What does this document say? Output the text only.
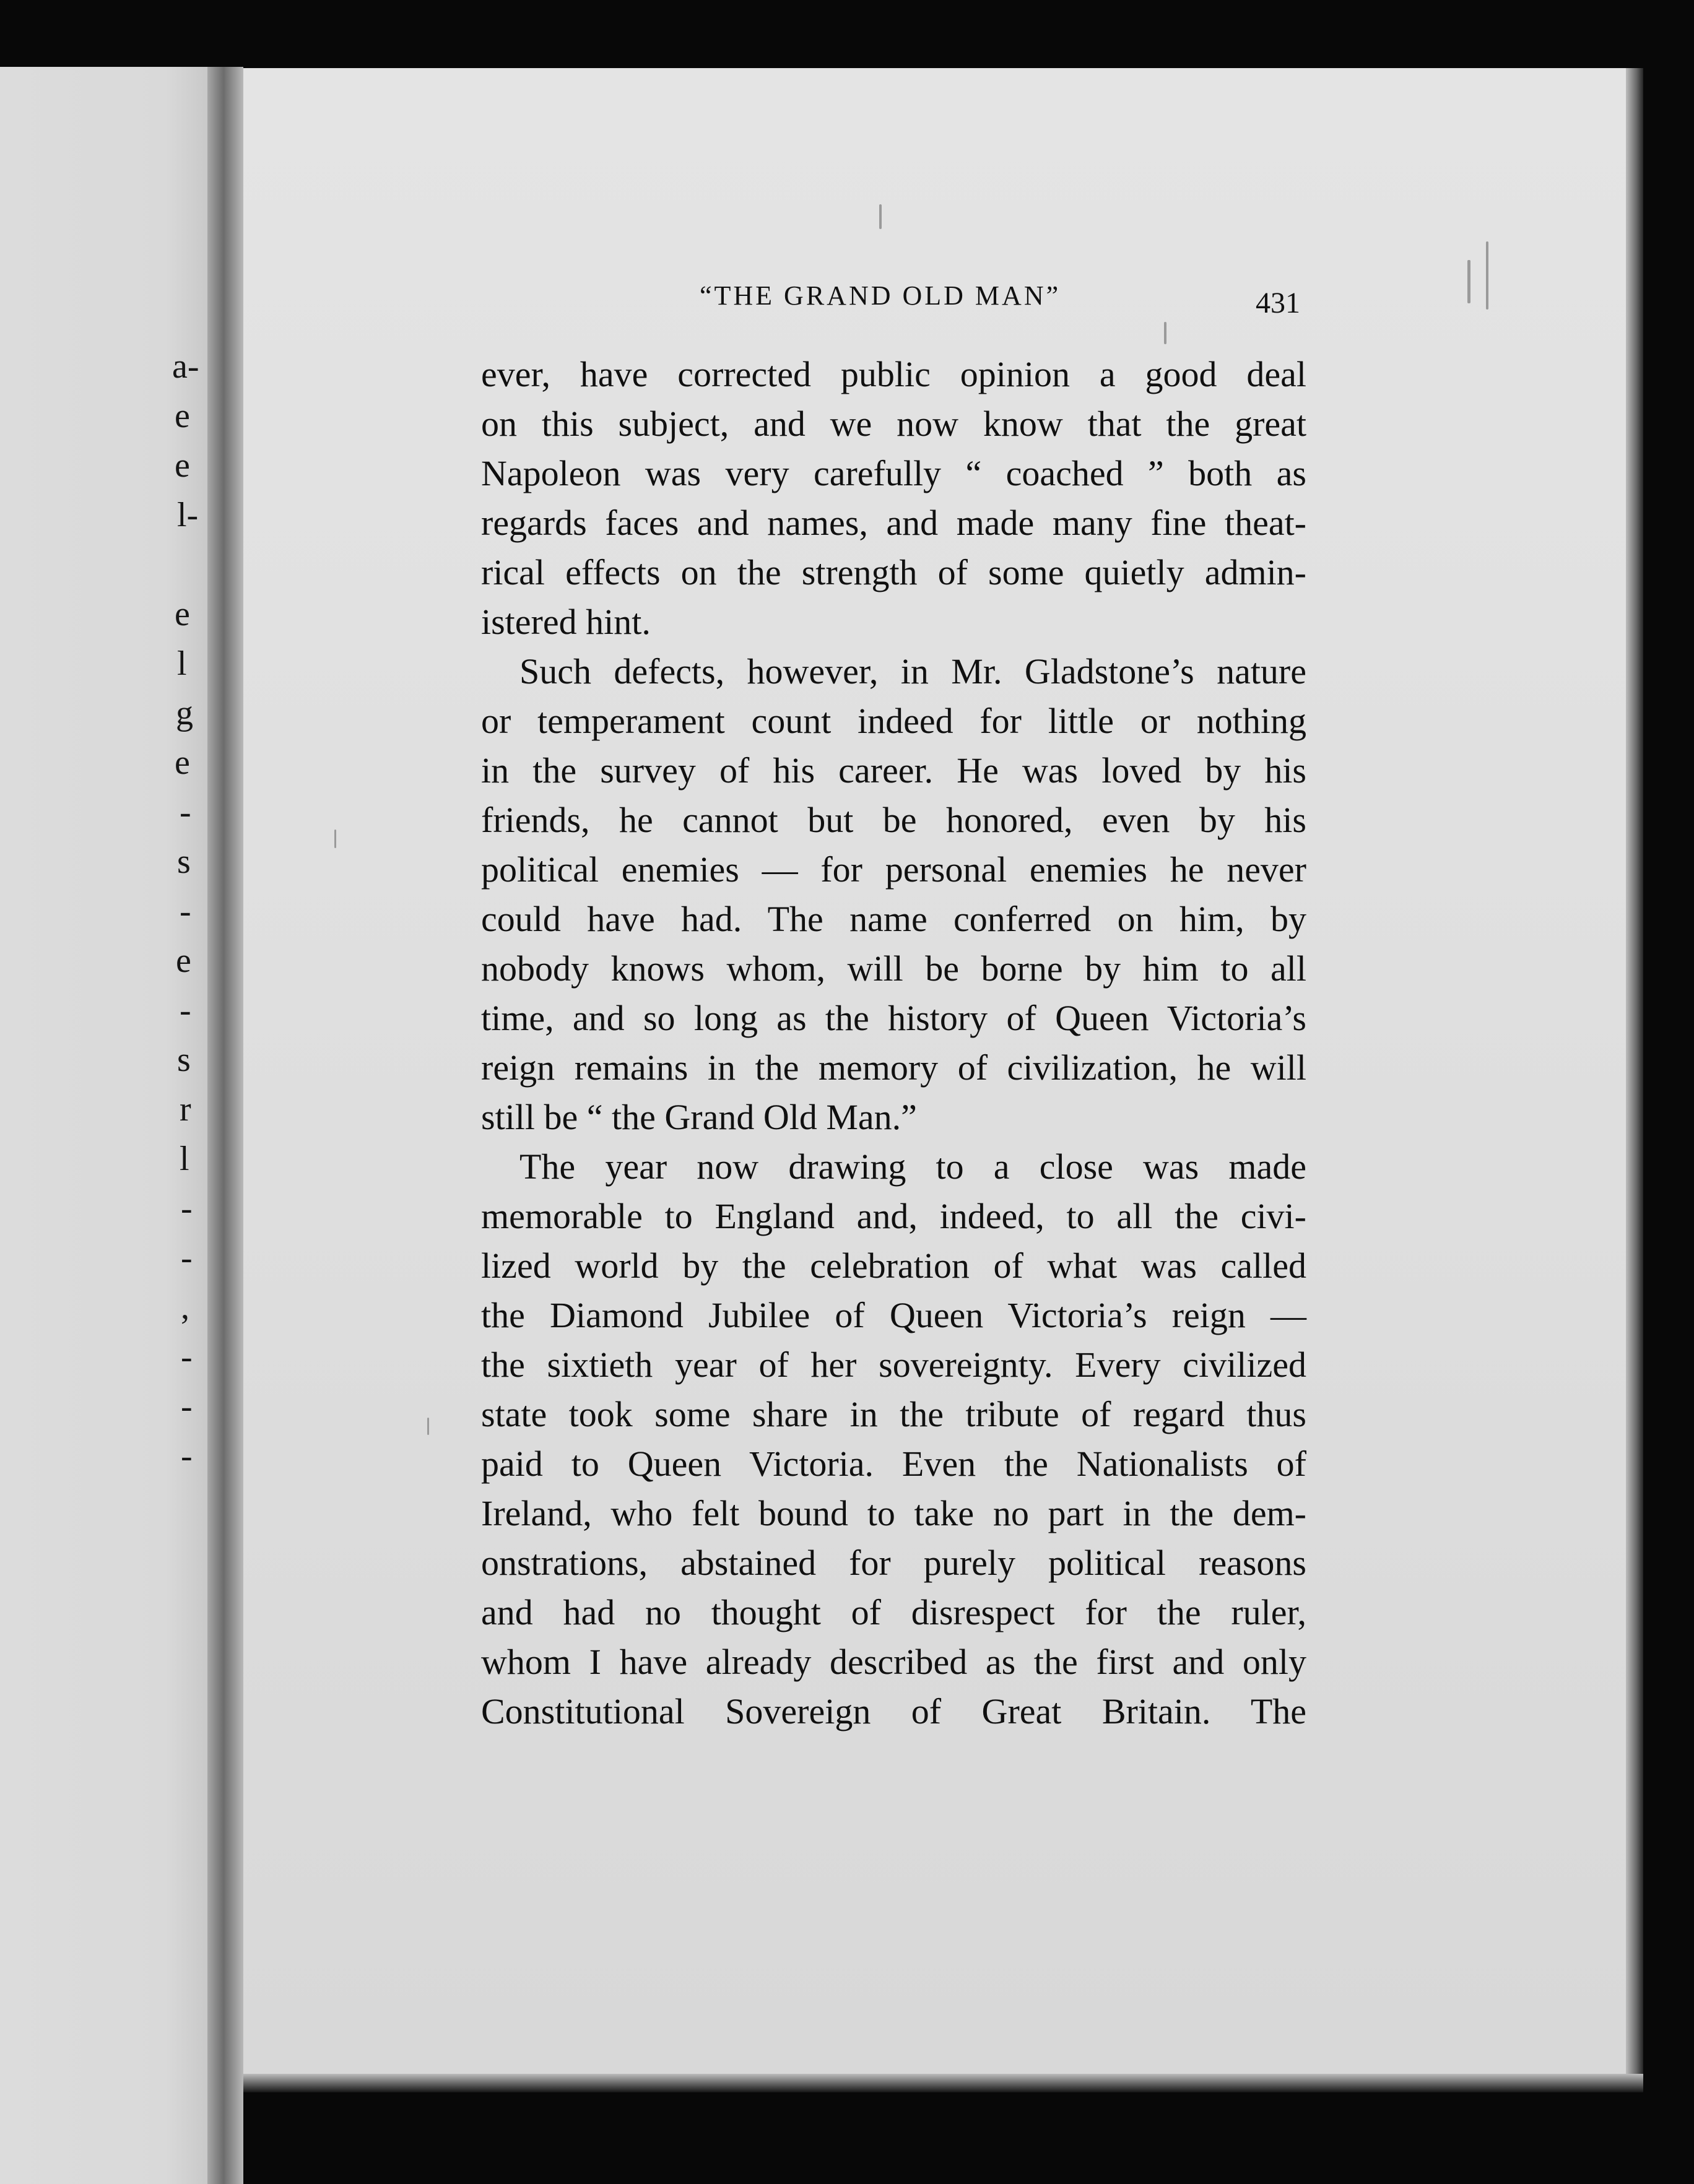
a-
e
e
l-
e
l
g
e
-
s
-
e
-
s
r
l
-
-
,
-
-
-
“THE GRAND OLD MAN”	431
ever, have corrected public opinion a good deal
on this subject, and we now know that the great
Napoleon was very carefully “ coached ” both as
regards faces and names, and made many fine theat-
rical effects on the strength of some quietly admin-
istered hint.
Such defects, however, in Mr. Gladstone’s nature
or temperament count indeed for little or nothing
in the survey of his career. He was loved by his
friends, he cannot but be honored, even by his
political enemies — for personal enemies he never
could have had. The name conferred on him, by
nobody knows whom, will be borne by him to all
time, and so long as the history of Queen Victoria’s
reign remains in the memory of civilization, he will
still be “ the Grand Old Man.”
The year now drawing to a close was made
memorable to England and, indeed, to all the civi-
lized world by the celebration of what was called
the Diamond Jubilee of Queen Victoria’s reign —
the sixtieth year of her sovereignty. Every civilized
state took some share in the tribute of regard thus
paid to Queen Victoria. Even the Nationalists of
Ireland, who felt bound to take no part in the dem-
onstrations, abstained for purely political reasons
and had no thought of disrespect for the ruler,
whom I have already described as the first and only
Constitutional Sovereign of Great Britain. The
